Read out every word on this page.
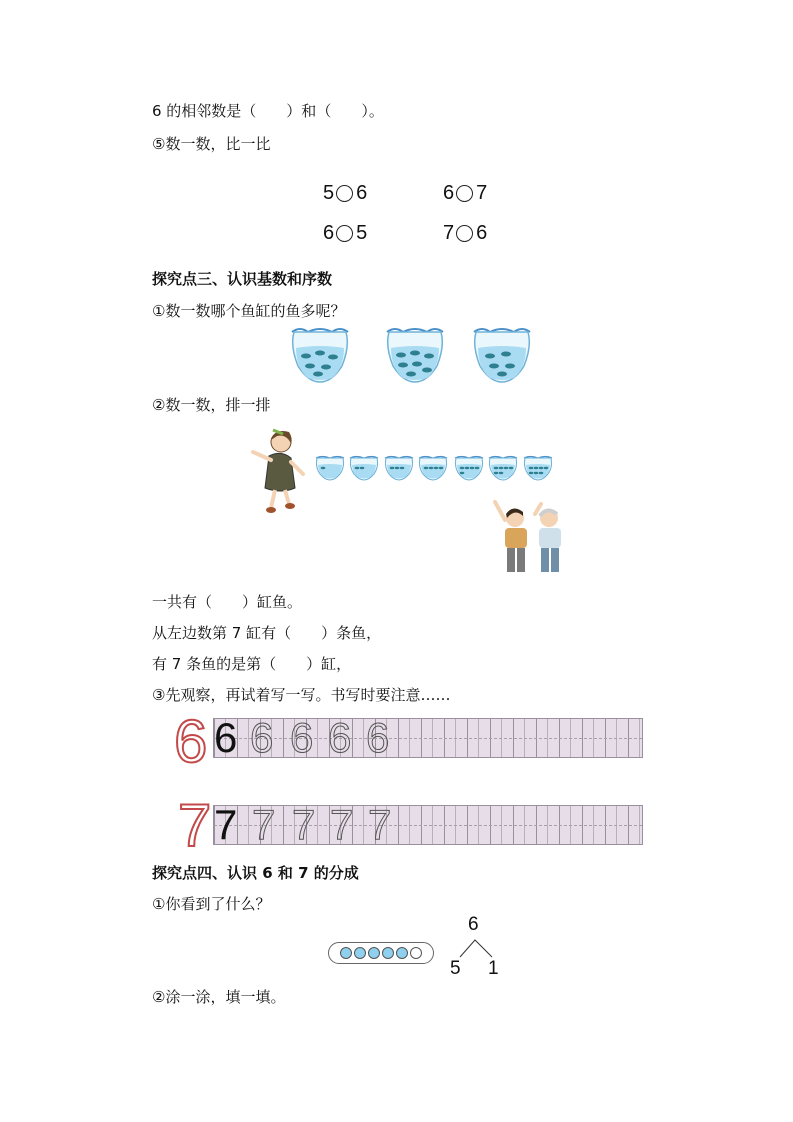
6 的相邻数是（　　）和（　　）。
⑤数一数，比一比
5 6	6 7
6 5	7 6
探究点三、认识基数和序数
①数一数哪个鱼缸的鱼多呢？
②数一数，排一排
一共有（　　）缸鱼。
从左边数第 7 缸有（　　）条鱼，
有 7 条鱼的是第（　　）缸，
③先观察，再试着写一写。书写时要注意……
6 6 6 6 6 6
7 7 7 7 7 7
探究点四、认识 6 和 7 的分成
①你看到了什么？
6
5 1
②涂一涂，填一填。
